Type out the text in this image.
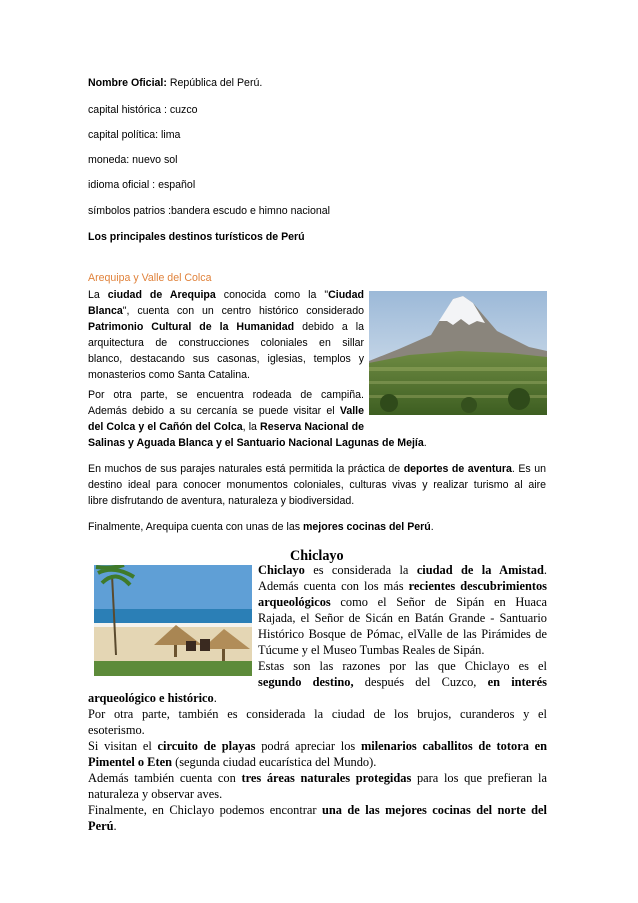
Nombre Oficial: República del Perú.
capital histórica : cuzco
capital política: lima
moneda: nuevo sol
idioma oficial : español
símbolos patrios :bandera escudo e himno nacional
Los principales destinos turísticos de Perú
Arequipa y Valle del Colca
La ciudad de Arequipa conocida como la "Ciudad
Blanca", cuenta con un centro histórico considerado
Patrimonio Cultural de la Humanidad debido a la
arquitectura de construcciones coloniales en sillar
blanco, destacando sus casonas, iglesias, templos y
monasterios como Santa Catalina.
Por otra parte, se encuentra rodeada de campiña.
Además debido a su cercanía se puede visitar el Valle
del Colca y el Cañón del Colca, la Reserva Nacional de
Salinas y Aguada Blanca y el Santuario Nacional Lagunas de Mejía.
En muchos de sus parajes naturales está permitida la práctica de deportes de aventura. Es un
destino ideal para conocer monumentos coloniales, culturas vivas y realizar turismo al aire
libre disfrutando de aventura, naturaleza y biodiversidad.
Finalmente, Arequipa cuenta con unas de las mejores cocinas del Perú.
Chiclayo
Chiclayo es considerada la ciudad de la Amistad.
Además cuenta con los más recientes descubrimientos
arqueológicos como el Señor de Sipán en Huaca
Rajada, el Señor de Sicán en Batán Grande - Santuario
Histórico Bosque de Pómac, elValle de las Pirámides de
Túcume y el Museo Tumbas Reales de Sipán.
Estas son las razones por las que Chiclayo es el
segundo destino, después del Cuzco, en interés
arqueológico e histórico.
Por otra parte, también es considerada la ciudad de los brujos, curanderos y el
esoterismo.
Si visitan el circuito de playas podrá apreciar los milenarios caballitos de totora en
Pimentel o Eten (segunda ciudad eucarística del Mundo).
Además también cuenta con tres áreas naturales protegidas para los que prefieran la
naturaleza y observar aves.
Finalmente, en Chiclayo podemos encontrar una de las mejores cocinas del norte del
Perú.
